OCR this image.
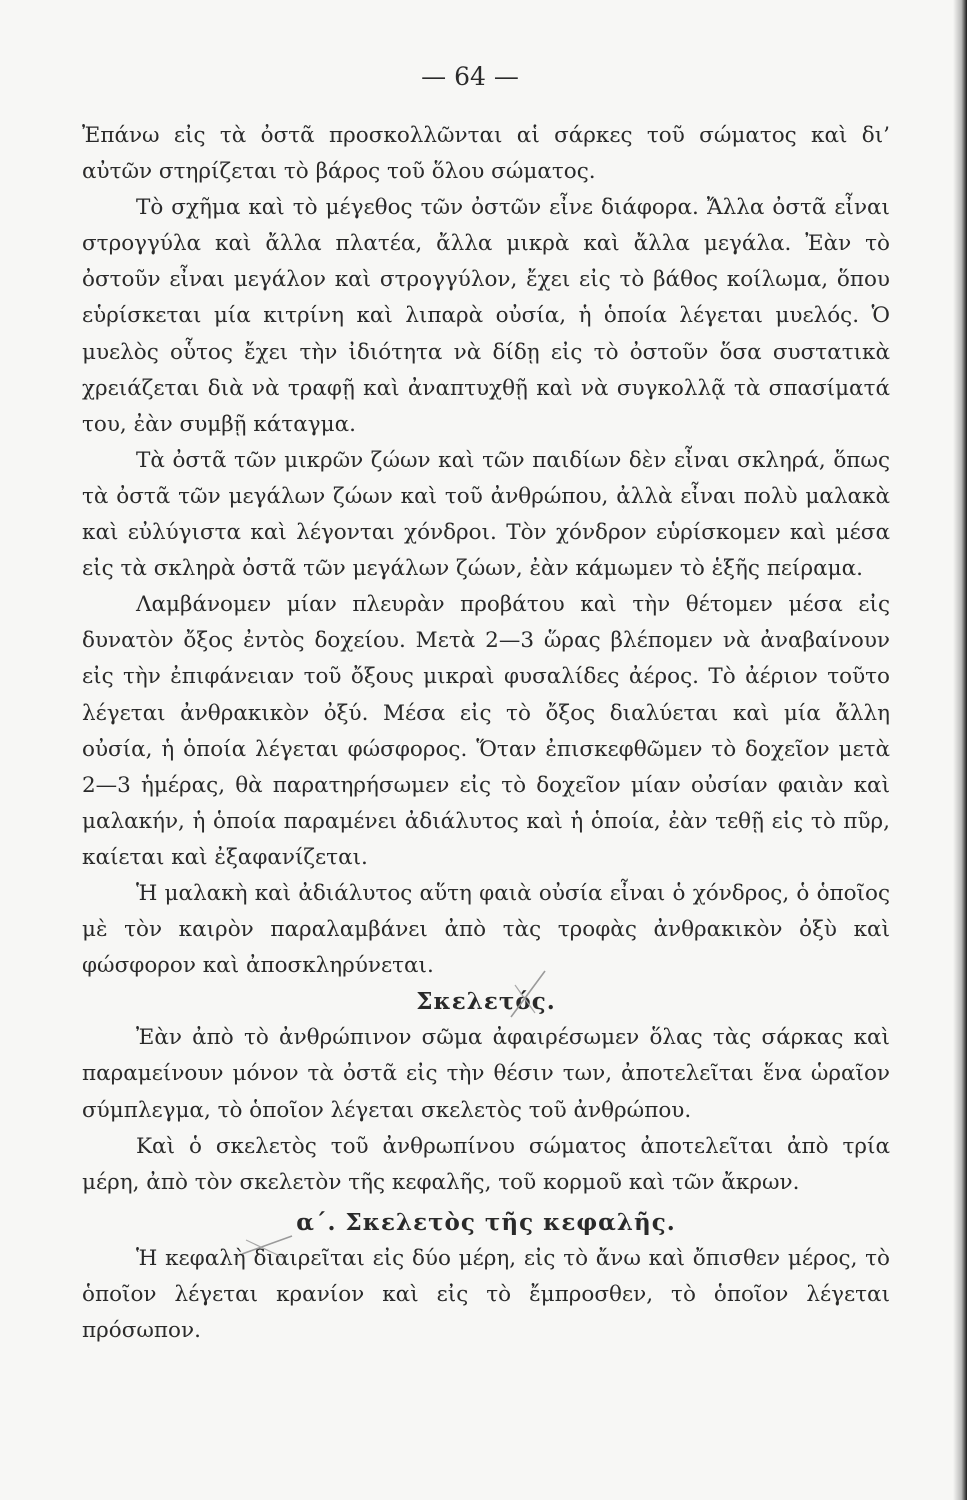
— 64 —

Ἐπάνω εἰς τὰ ὀστᾶ προσκολλῶνται αἱ σάρκες τοῦ σώματος καὶ δι’ αὐτῶν στηρίζεται τὸ βάρος τοῦ ὅλου σώματος.

Τὸ σχῆμα καὶ τὸ μέγεθος τῶν ὀστῶν εἶνε διάφορα. Ἄλλα ὀστᾶ εἶναι στρογγύλα καὶ ἄλλα πλατέα, ἄλλα μικρὰ καὶ ἄλλα μεγάλα. Ἐὰν τὸ ὀστοῦν εἶναι μεγάλον καὶ στρογγύλον, ἔχει εἰς τὸ βάθος κοίλωμα, ὅπου εὑρίσκεται μία κιτρίνη καὶ λιπαρὰ οὐσία, ἡ ὁποία λέγεται μυελός. Ὁ μυελὸς οὗτος ἔχει τὴν ἰδιότητα νὰ δίδῃ εἰς τὸ ὀστοῦν ὅσα συστατικὰ χρειάζεται διὰ νὰ τραφῇ καὶ ἀναπτυχθῇ καὶ νὰ συγκολλᾷ τὰ σπασίματά του, ἐὰν συμβῇ κάταγμα.

Τὰ ὀστᾶ τῶν μικρῶν ζώων καὶ τῶν παιδίων δὲν εἶναι σκληρά, ὅπως τὰ ὀστᾶ τῶν μεγάλων ζώων καὶ τοῦ ἀνθρώπου, ἀλλὰ εἶναι πολὺ μαλακὰ καὶ εὐλύγιστα καὶ λέγονται χόνδροι. Τὸν χόνδρον εὑρίσκομεν καὶ μέσα εἰς τὰ σκληρὰ ὀστᾶ τῶν μεγάλων ζώων, ἐὰν κάμωμεν τὸ ἑξῆς πείραμα.

Λαμβάνομεν μίαν πλευρὰν προβάτου καὶ τὴν θέτομεν μέσα εἰς δυνατὸν ὄξος ἐντὸς δοχείου. Μετὰ 2—3 ὥρας βλέπομεν νὰ ἀναβαίνουν εἰς τὴν ἐπιφάνειαν τοῦ ὄξους μικραὶ φυσαλίδες ἀέρος. Τὸ ἀέριον τοῦτο λέγεται ἀνθρακικὸν ὀξύ. Μέσα εἰς τὸ ὄξος διαλύεται καὶ μία ἄλλη οὐσία, ἡ ὁποία λέγεται φώσφορος. Ὅταν ἐπισκεφθῶμεν τὸ δοχεῖον μετὰ 2—3 ἡμέρας, θὰ παρατηρήσωμεν εἰς τὸ δοχεῖον μίαν οὐσίαν φαιὰν καὶ μαλακήν, ἡ ὁποία παραμένει ἀδιάλυτος καὶ ἡ ὁποία, ἐὰν τεθῇ εἰς τὸ πῦρ, καίεται καὶ ἐξαφανίζεται.

Ἡ μαλακὴ καὶ ἀδιάλυτος αὕτη φαιὰ οὐσία εἶναι ὁ χόνδρος, ὁ ὁποῖος μὲ τὸν καιρὸν παραλαμβάνει ἀπὸ τὰς τροφὰς ἀνθρακικὸν ὀξὺ καὶ φώσφορον καὶ ἀποσκληρύνεται.

Σκελετός.

Ἐὰν ἀπὸ τὸ ἀνθρώπινον σῶμα ἀφαιρέσωμεν ὅλας τὰς σάρκας καὶ παραμείνουν μόνον τὰ ὀστᾶ εἰς τὴν θέσιν των, ἀποτελεῖται ἕνα ὡραῖον σύμπλεγμα, τὸ ὁποῖον λέγεται σκελετὸς τοῦ ἀνθρώπου.

Καὶ ὁ σκελετὸς τοῦ ἀνθρωπίνου σώματος ἀποτελεῖται ἀπὸ τρία μέρη, ἀπὸ τὸν σκελετὸν τῆς κεφαλῆς, τοῦ κορμοῦ καὶ τῶν ἄκρων.

α΄. Σκελετὸς τῆς κεφαλῆς.

Ἡ κεφαλὴ διαιρεῖται εἰς δύο μέρη, εἰς τὸ ἄνω καὶ ὄπισθεν μέρος, τὸ ὁποῖον λέγεται κρανίον καὶ εἰς τὸ ἔμπροσθεν, τὸ ὁποῖον λέγεται πρόσωπον.
